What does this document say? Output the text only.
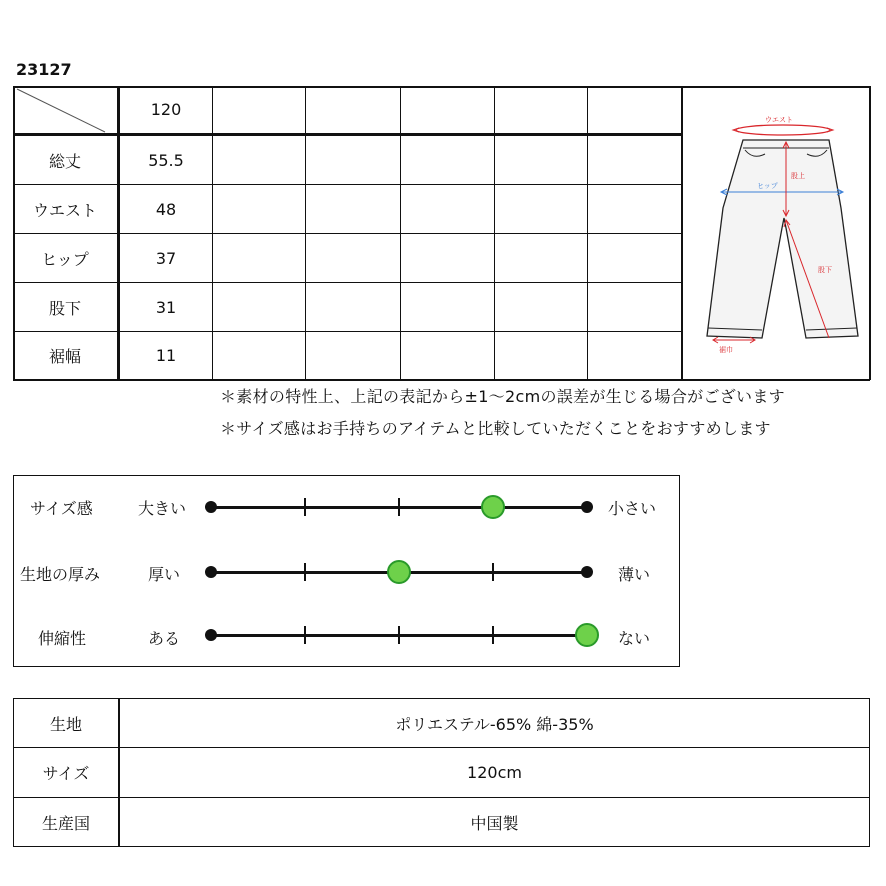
23127
120
総丈	55.5
ウエスト	48
ヒップ	37
股下	31
裾幅	11
ウエスト
ヒップ
股上
股下
裾巾
＊素材の特性上、上記の表記から±1〜2cmの誤差が生じる場合がございます
＊サイズ感はお手持ちのアイテムと比較していただくことをおすすめします
サイズ感	大きい	小さい
生地の厚み	厚い	薄い
伸縮性	ある	ない
生地	ポリエステル-65% 綿-35%
サイズ	120cm
生産国	中国製
